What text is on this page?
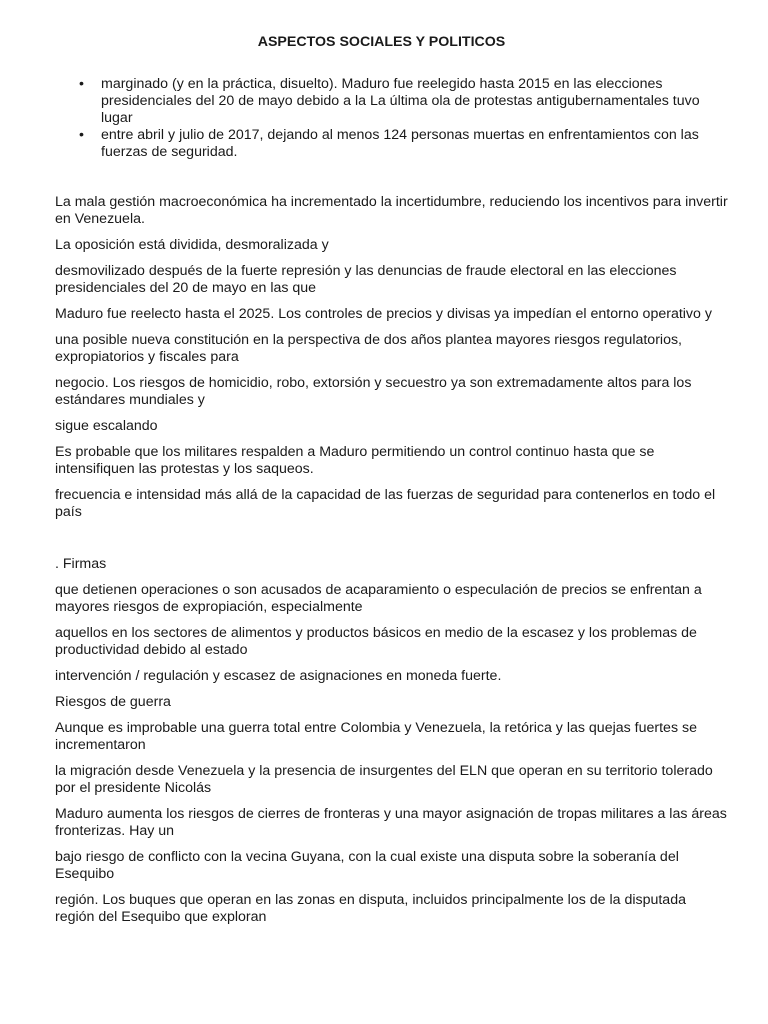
ASPECTOS SOCIALES Y POLITICOS
• marginado (y en la práctica, disuelto). Maduro fue reelegido hasta 2015 en las elecciones presidenciales del 20 de mayo debido a la La última ola de protestas antigubernamentales tuvo lugar
• entre abril y julio de 2017, dejando al menos 124 personas muertas en enfrentamientos con las fuerzas de seguridad.

La mala gestión macroeconómica ha incrementado la incertidumbre, reduciendo los incentivos para invertir en Venezuela.

La oposición está dividida, desmoralizada y

desmovilizado después de la fuerte represión y las denuncias de fraude electoral en las elecciones presidenciales del 20 de mayo en las que

Maduro fue reelecto hasta el 2025. Los controles de precios y divisas ya impedían el entorno operativo y

una posible nueva constitución en la perspectiva de dos años plantea mayores riesgos regulatorios, expropiatorios y fiscales para

negocio. Los riesgos de homicidio, robo, extorsión y secuestro ya son extremadamente altos para los estándares mundiales y

sigue escalando

Es probable que los militares respalden a Maduro permitiendo un control continuo hasta que se intensifiquen las protestas y los saqueos.

frecuencia e intensidad más allá de la capacidad de las fuerzas de seguridad para contenerlos en todo el país

. Firmas

que detienen operaciones o son acusados de acaparamiento o especulación de precios se enfrentan a mayores riesgos de expropiación, especialmente

aquellos en los sectores de alimentos y productos básicos en medio de la escasez y los problemas de productividad debido al estado

intervención / regulación y escasez de asignaciones en moneda fuerte.

Riesgos de guerra

Aunque es improbable una guerra total entre Colombia y Venezuela, la retórica y las quejas fuertes se incrementaron

la migración desde Venezuela y la presencia de insurgentes del ELN que operan en su territorio tolerado por el presidente Nicolás

Maduro aumenta los riesgos de cierres de fronteras y una mayor asignación de tropas militares a las áreas fronterizas. Hay un

bajo riesgo de conflicto con la vecina Guyana, con la cual existe una disputa sobre la soberanía del Esequibo

región. Los buques que operan en las zonas en disputa, incluidos principalmente los de la disputada región del Esequibo que exploran
